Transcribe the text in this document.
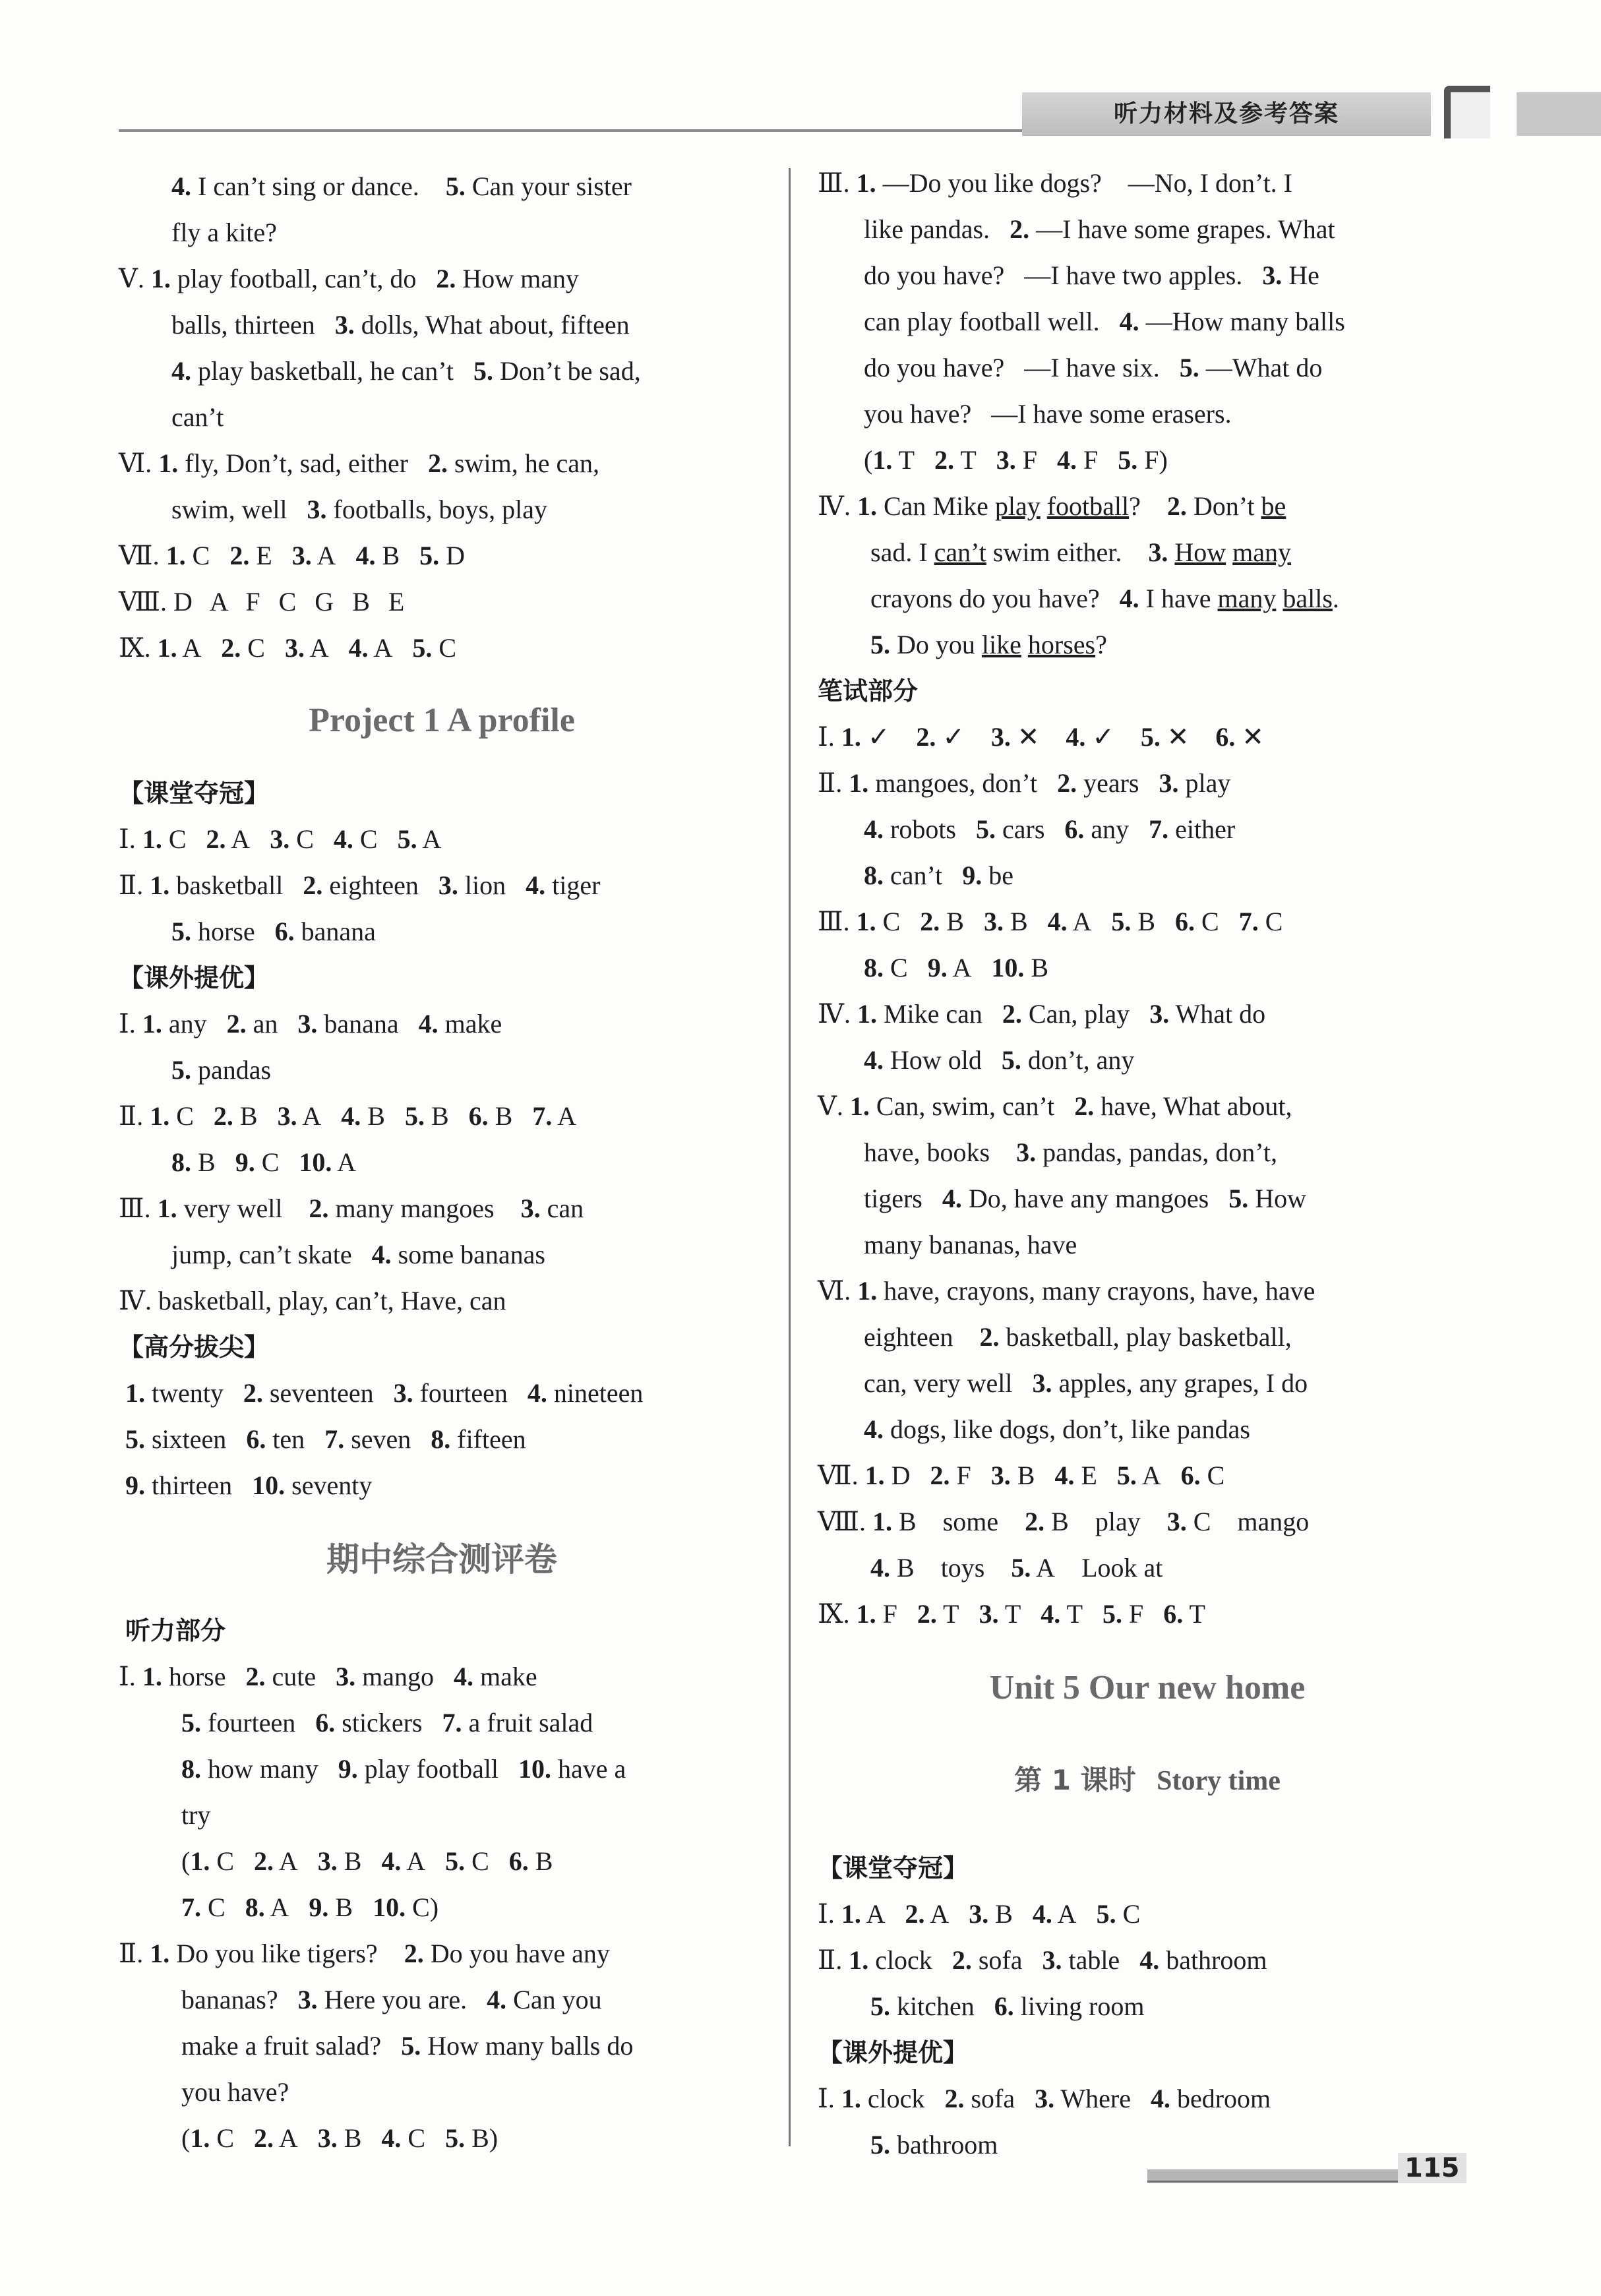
听力材料及参考答案
4. I can’t sing or dance. 5. Can your sister
fly a kite?
Ⅴ. 1. play football, can’t, do 2. How many
balls, thirteen 3. dolls, What about, fifteen
4. play basketball, he can’t 5. Don’t be sad,
can’t
Ⅵ. 1. fly, Don’t, sad, either 2. swim, he can,
swim, well 3. footballs, boys, play
Ⅶ. 1. C 2. E 3. A 4. B 5. D
Ⅷ. D A F C G B E
Ⅸ. 1. A 2. C 3. A 4. A 5. C
Project 1 A profile
【课堂夺冠】
Ⅰ. 1. C 2. A 3. C 4. C 5. A
Ⅱ. 1. basketball 2. eighteen 3. lion 4. tiger
5. horse 6. banana
【课外提优】
Ⅰ. 1. any 2. an 3. banana 4. make
5. pandas
Ⅱ. 1. C 2. B 3. A 4. B 5. B 6. B 7. A
8. B 9. C 10. A
Ⅲ. 1. very well 2. many mangoes 3. can
jump, can’t skate 4. some bananas
Ⅳ. basketball, play, can’t, Have, can
【高分拔尖】
1. twenty 2. seventeen 3. fourteen 4. nineteen
5. sixteen 6. ten 7. seven 8. fifteen
9. thirteen 10. seventy
期中综合测评卷
听力部分
Ⅰ. 1. horse 2. cute 3. mango 4. make
5. fourteen 6. stickers 7. a fruit salad
8. how many 9. play football 10. have a
try
(1. C 2. A 3. B 4. A 5. C 6. B
7. C 8. A 9. B 10. C)
Ⅱ. 1. Do you like tigers? 2. Do you have any
bananas? 3. Here you are. 4. Can you
make a fruit salad? 5. How many balls do
you have?
(1. C 2. A 3. B 4. C 5. B)
Ⅲ. 1. —Do you like dogs? —No, I don’t. I
like pandas. 2. —I have some grapes. What
do you have? —I have two apples. 3. He
can play football well. 4. —How many balls
do you have? —I have six. 5. —What do
you have? —I have some erasers.
(1. T 2. T 3. F 4. F 5. F)
Ⅳ. 1. Can Mike play football? 2. Don’t be
sad. I can’t swim either. 3. How many
crayons do you have? 4. I have many balls.
5. Do you like horses?
笔试部分
Ⅰ. 1. ✓ 2. ✓ 3. ✕ 4. ✓ 5. ✕ 6. ✕
Ⅱ. 1. mangoes, don’t 2. years 3. play
4. robots 5. cars 6. any 7. either
8. can’t 9. be
Ⅲ. 1. C 2. B 3. B 4. A 5. B 6. C 7. C
8. C 9. A 10. B
Ⅳ. 1. Mike can 2. Can, play 3. What do
4. How old 5. don’t, any
Ⅴ. 1. Can, swim, can’t 2. have, What about,
have, books 3. pandas, pandas, don’t,
tigers 4. Do, have any mangoes 5. How
many bananas, have
Ⅵ. 1. have, crayons, many crayons, have, have
eighteen 2. basketball, play basketball,
can, very well 3. apples, any grapes, I do
4. dogs, like dogs, don’t, like pandas
Ⅶ. 1. D 2. F 3. B 4. E 5. A 6. C
Ⅷ. 1. B some 2. B play 3. C mango
4. B toys 5. A Look at
Ⅸ. 1. F 2. T 3. T 4. T 5. F 6. T
Unit 5 Our new home
第 1 课时 Story time
【课堂夺冠】
Ⅰ. 1. A 2. A 3. B 4. A 5. C
Ⅱ. 1. clock 2. sofa 3. table 4. bathroom
5. kitchen 6. living room
【课外提优】
Ⅰ. 1. clock 2. sofa 3. Where 4. bedroom
5. bathroom
115
